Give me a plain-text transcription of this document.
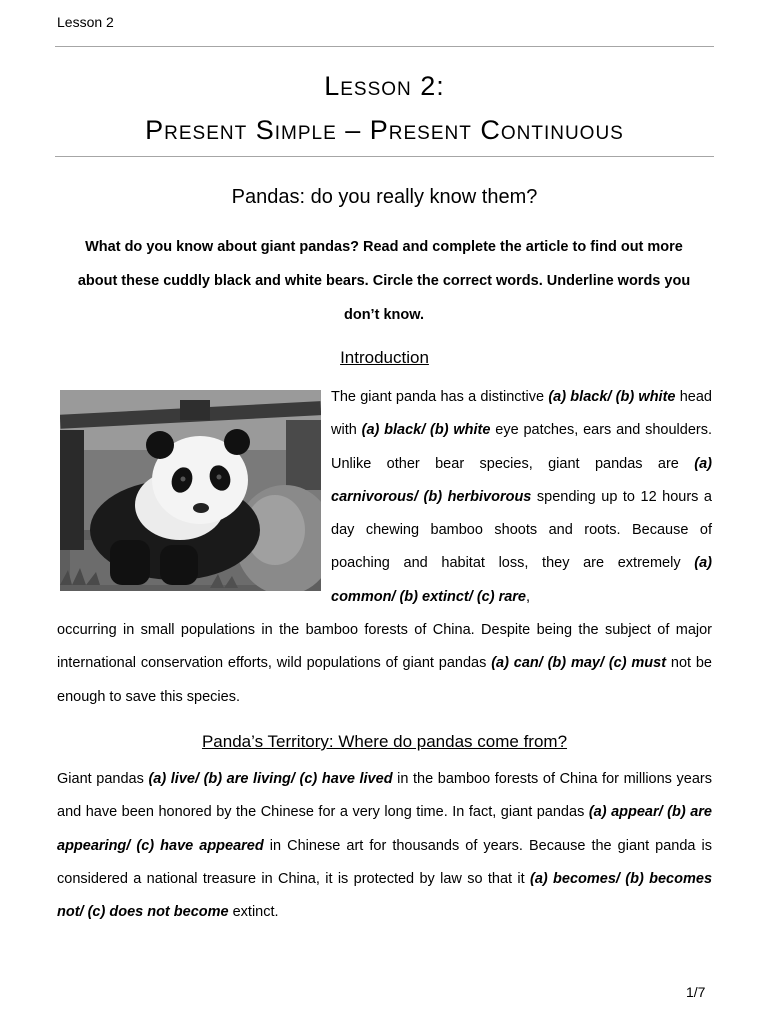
Lesson 2
Lesson 2:
Present Simple – Present Continuous
Pandas: do you really know them?
What do you know about giant pandas? Read and complete the article to find out more about these cuddly black and white bears. Circle the correct words. Underline words you don’t know.
Introduction
The giant panda has a distinctive (a) black/ (b) white head with (a) black/ (b) white eye patches, ears and shoulders. Unlike other bear species, giant pandas are (a) carnivorous/ (b) herbivorous spending up to 12 hours a day chewing bamboo shoots and roots. Because of poaching and habitat loss, they are extremely (a) common/ (b) extinct/ (c) rare,
occurring in small populations in the bamboo forests of China. Despite being the subject of major international conservation efforts, wild populations of giant pandas (a) can/ (b) may/ (c) must not be enough to save this species.
Panda’s Territory: Where do pandas come from?
Giant pandas (a) live/ (b) are living/ (c) have lived in the bamboo forests of China for millions years and have been honored by the Chinese for a very long time. In fact, giant pandas (a) appear/ (b) are appearing/ (c) have appeared in Chinese art for thousands of years. Because the giant panda is considered a national treasure in China, it is protected by law so that it (a) becomes/ (b) becomes not/ (c) does not become extinct.
1/7
